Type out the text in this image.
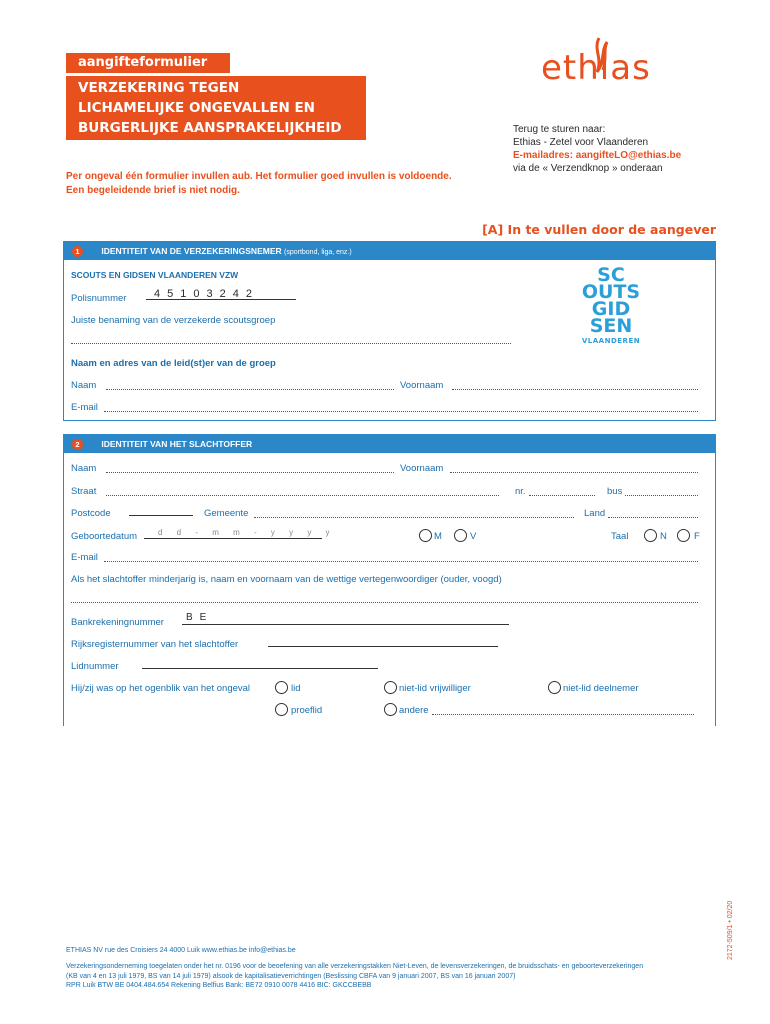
aangifteformulier
VERZEKERING TEGEN
LICHAMELIJKE ONGEVALLEN EN
BURGERLIJKE AANSPRAKELIJKHEID
ethias
Terug te sturen naar:
Ethias - Zetel voor Vlaanderen
E-mailadres: aangifteLO@ethias.be
via de « Verzendknop » onderaan
Per ongeval één formulier invullen aub. Het formulier goed invullen is voldoende.
Een begeleidende brief is niet nodig.
[A] In te vullen door de aangever
1	IDENTITEIT VAN DE VERZEKERINGSNEMER (sportbond, liga, enz.)
SCOUTS EN GIDSEN VLAANDEREN VZW
Polisnummer	45103242
Juiste benaming van de verzekerde scoutsgroep
Naam en adres van de leid(st)er van de groep
Naam	Voornaam
E-mail
SC
OUTS
GID
SEN
VLAANDEREN
2	IDENTITEIT VAN HET SLACHTOFFER
Naam	Voornaam
Straat	nr.	bus
Postcode	Gemeente	Land
Geboortedatum	d d - m m - y y y y	M	V	Taal	N	F
E-mail
Als het slachtoffer minderjarig is, naam en voornaam van de wettige vertegenwoordiger (ouder, voogd)
Bankrekeningnummer BE
Rijksregisternummer van het slachtoffer
Lidnummer
Hij/zij was op het ogenblik van het ongeval	lid	niet-lid vrijwilliger	niet-lid deelnemer
proeflid	andere
2172-509/1 • 02/20
ETHIAS NV rue des Croisiers 24 4000 Luik www.ethias.be info@ethias.be
Verzekeringsonderneming toegelaten onder het nr. 0196 voor de beoefening van alle verzekeringstakken Niet-Leven, de levensverzekeringen, de bruidsschats- en geboorteverzekeringen
(KB van 4 en 13 juli 1979, BS van 14 juli 1979) alsook de kapitalisatieverrichtingen (Beslissing CBFA van 9 januari 2007, BS van 16 januari 2007)
RPR Luik BTW BE 0404.484.654 Rekening Belfius Bank: BE72 0910 0078 4416 BIC: GKCCBEBB
